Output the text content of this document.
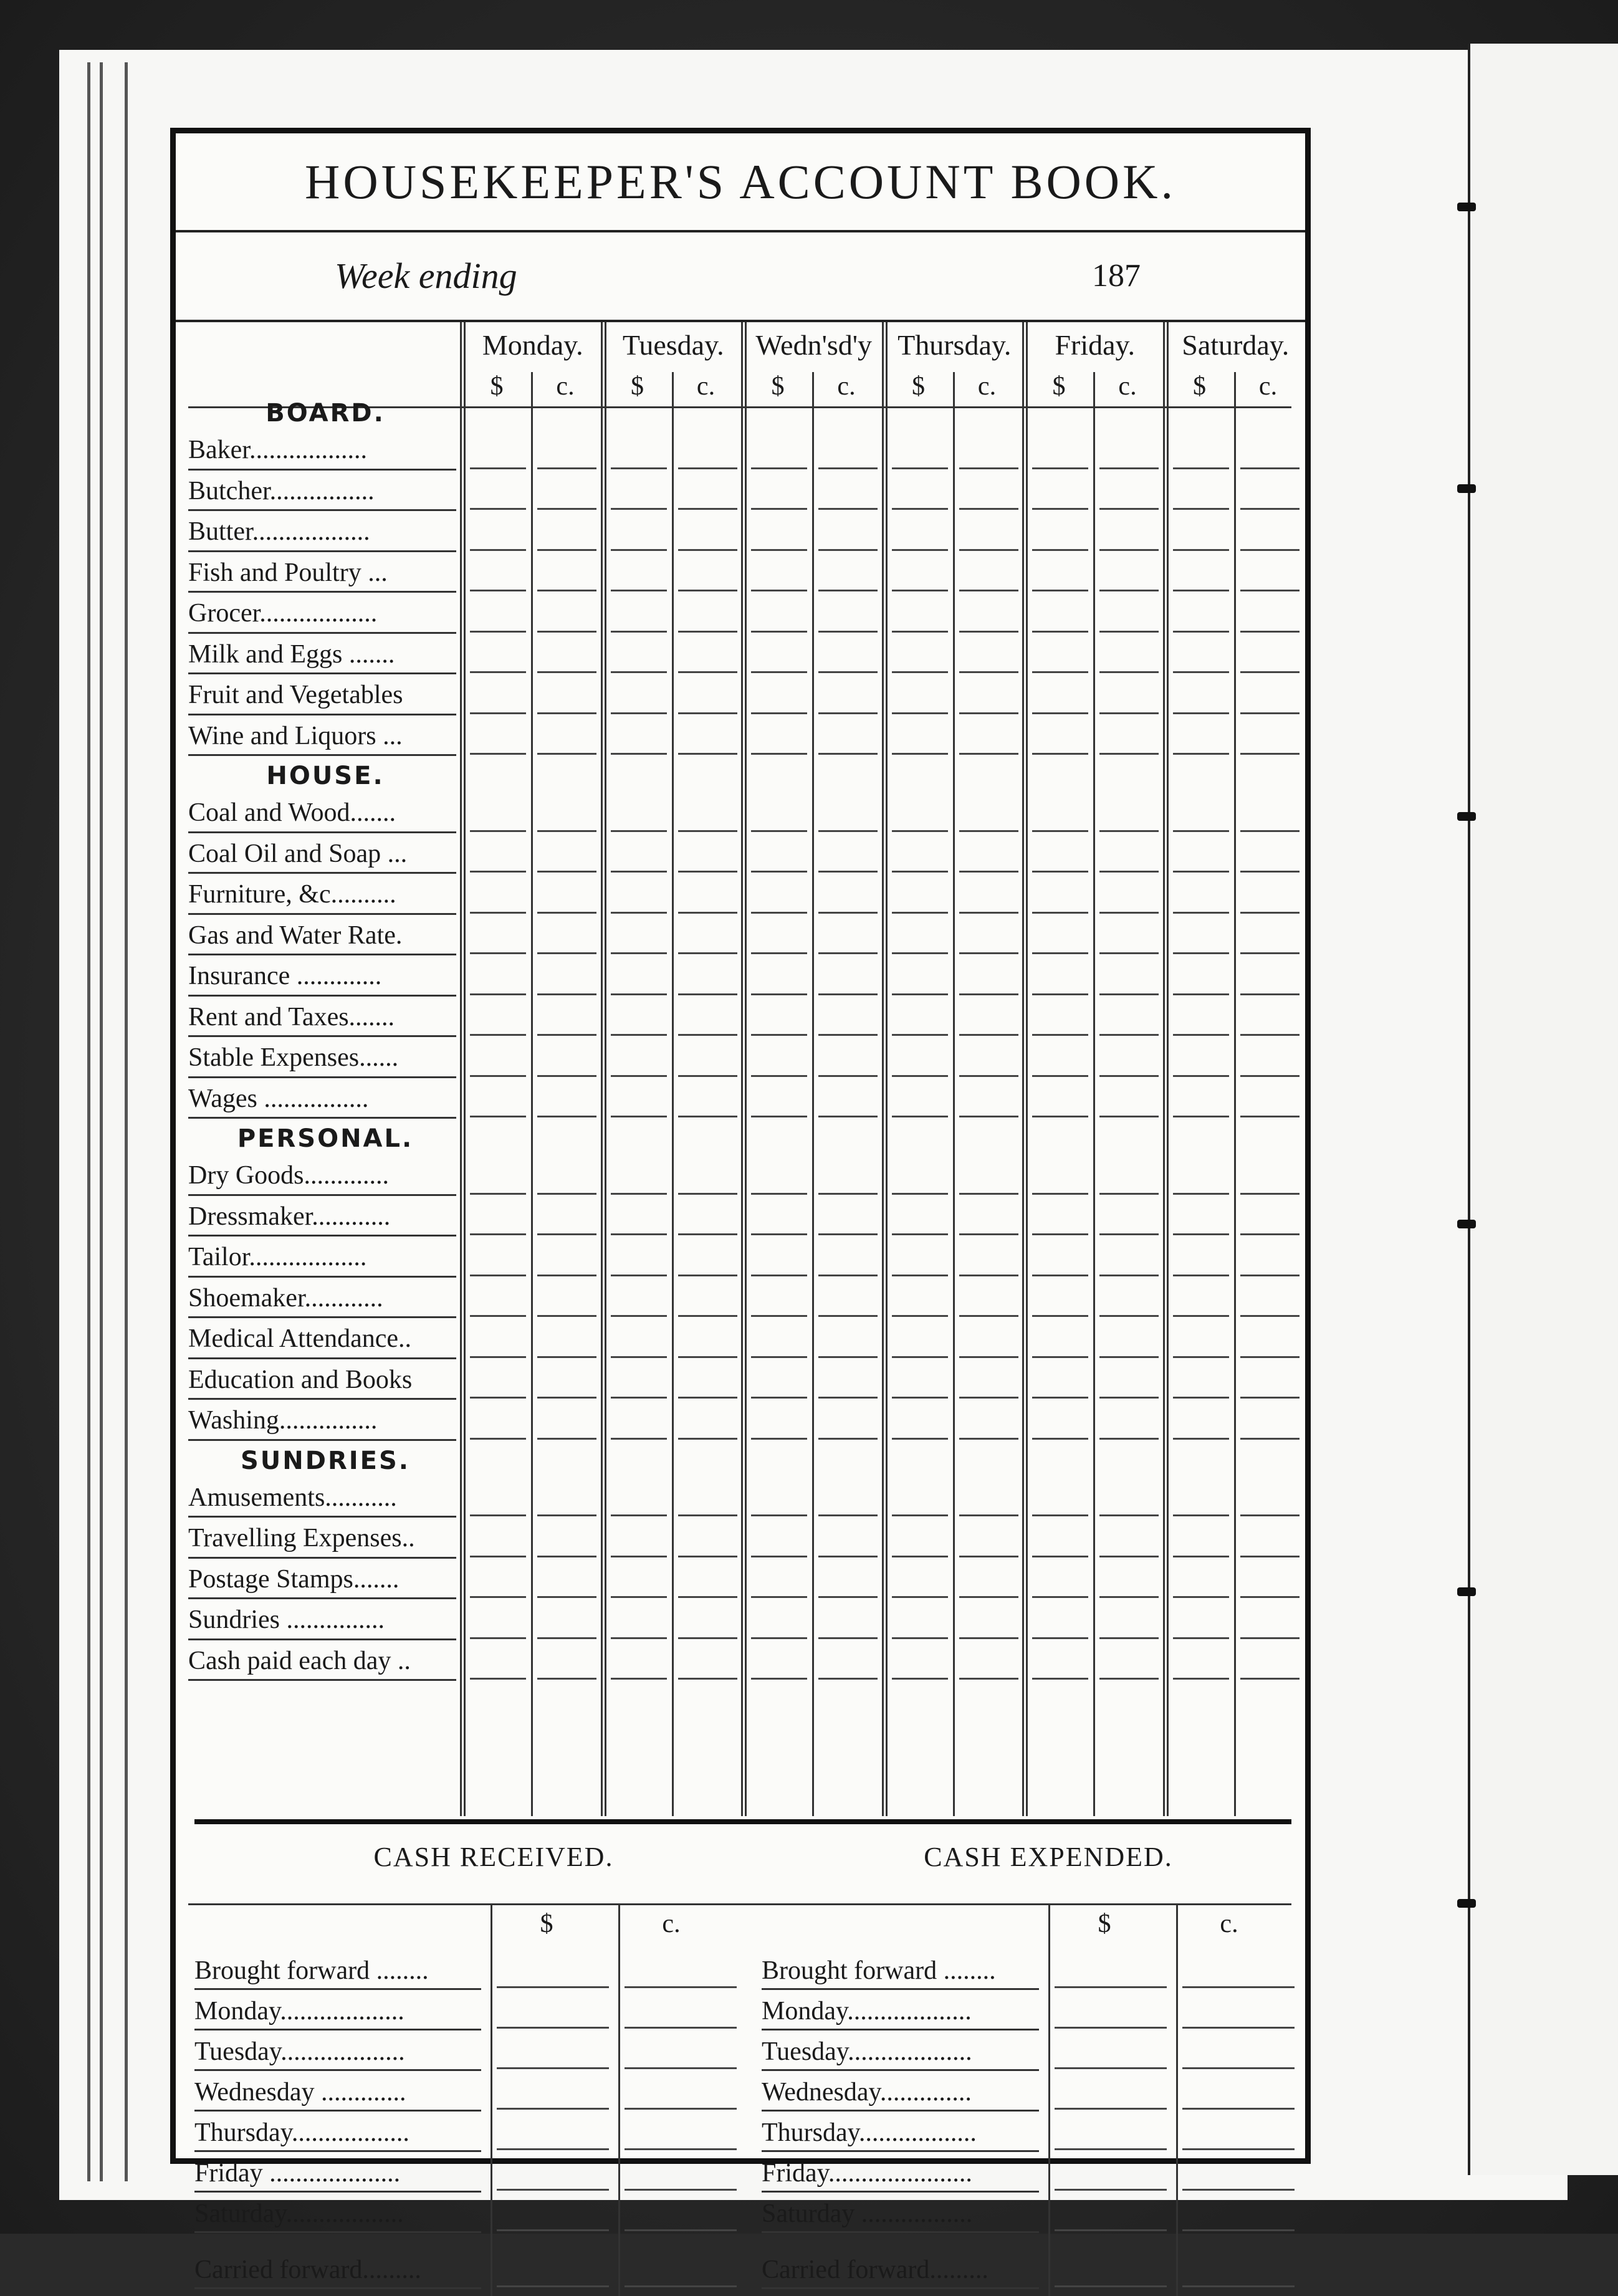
HOUSEKEEPER'S ACCOUNT BOOK.
Week ending	187
Monday.
$	c.
Tuesday.
$	c.
Wedn'sd'y
$	c.
Thursday.
$	c.
Friday.
$	c.
Saturday.
$	c.
BOARD.
Baker..................
Butcher................
Butter..................
Fish and Poultry ...
Grocer..................
Milk and Eggs .......
Fruit and Vegetables
Wine and Liquors ...
HOUSE.
Coal and Wood.......
Coal Oil and Soap ...
Furniture, &c..........
Gas and Water Rate.
Insurance .............
Rent and Taxes.......
Stable Expenses......
Wages ................
PERSONAL.
Dry Goods.............
Dressmaker............
Tailor..................
Shoemaker............
Medical Attendance..
Education and Books
Washing...............
SUNDRIES.
Amusements...........
Travelling Expenses..
Postage Stamps.......
Sundries ...............
Cash paid each day ..
CASH RECEIVED.	CASH EXPENDED.
$	c.
Brought forward ........
Monday...................
Tuesday...................
Wednesday .............
Thursday..................
Friday ....................
Saturday..................
Carried forward.........
$	c.
Brought forward ........
Monday...................
Tuesday...................
Wednesday..............
Thursday..................
Friday......................
Saturday .................
Carried forward.........
